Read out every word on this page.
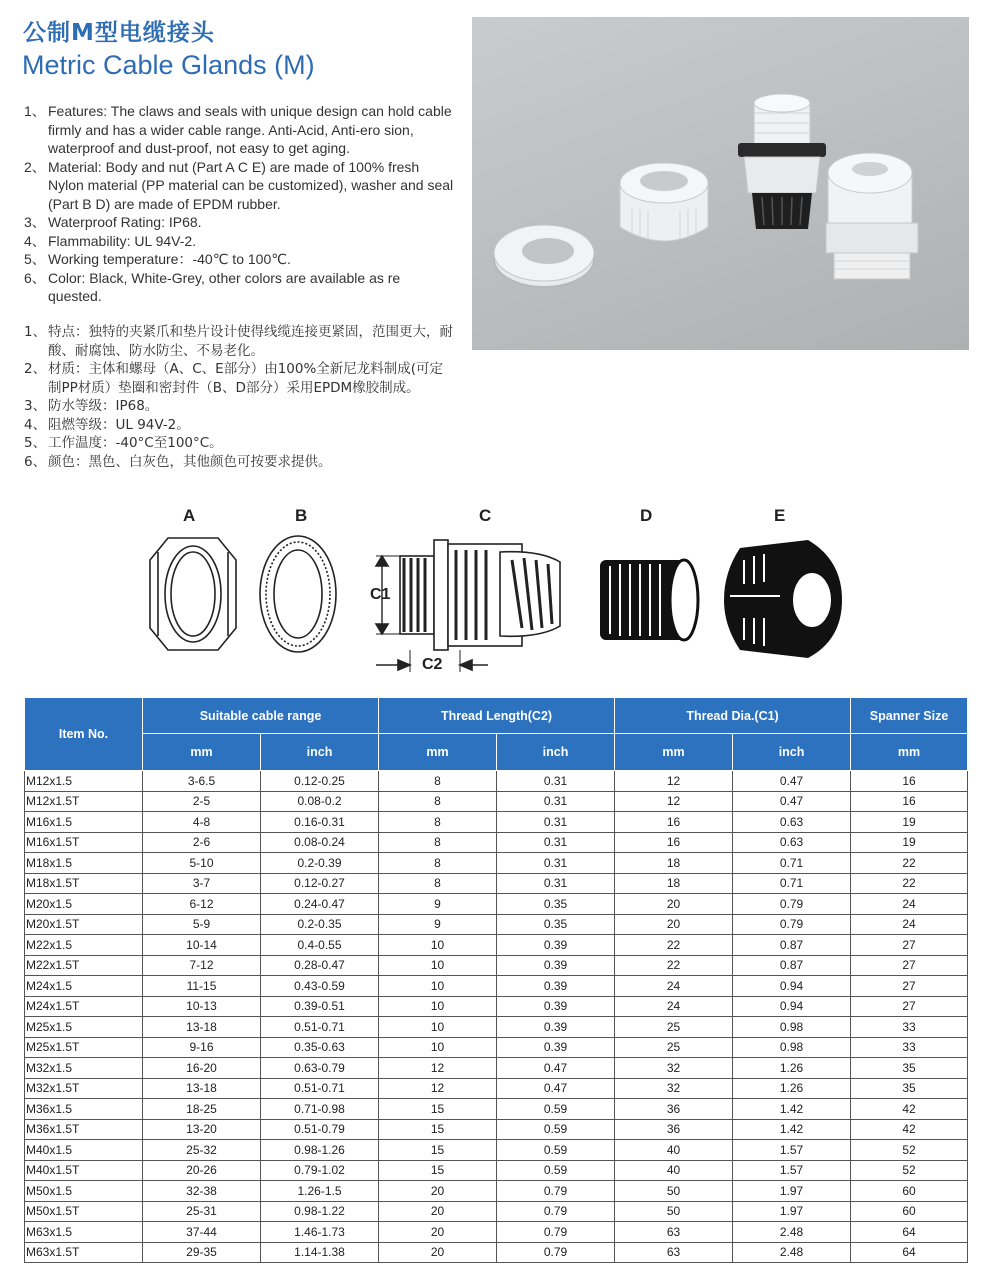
公制M型电缆接头
Metric Cable Glands (M)
1、 Features: The claws and seals with unique design can hold cable firmly and has a wider cable range. Anti-Acid, Anti-ero sion, waterproof and dust-proof, not easy to get aging.
2、 Material: Body and nut (Part A C E) are made of 100% fresh Nylon material (PP material can be customized), washer and seal (Part B D) are made of EPDM rubber.
3、 Waterproof Rating: IP68.
4、 Flammability: UL 94V-2.
5、 Working temperature：-40℃ to 100℃.
6、 Color: Black, White-Grey, other colors are available as re quested.
1、 特点：独特的夹紧爪和垫片设计使得线缆连接更紧固，范围更大，耐酸、耐腐蚀、防水防尘、不易老化。
2、 材质：主体和螺母（A、C、E部分）由100%全新尼龙料制成(可定制PP材质）垫圈和密封件（B、D部分）采用EPDM橡胶制成。
3、 防水等级：IP68。
4、 阻燃等级：UL 94V-2。
5、 工作温度：-40°C至100°C。
6、 颜色：黑色、白灰色，其他颜色可按要求提供。
A	B	C	D	E
C1
C2
Item No.	Suitable cable range		Thread Length(C2)		Thread Dia.(C1)		Spanner Size
	mm	inch	mm	inch	mm	inch	mm
M12x1.5	3-6.5	0.12-0.25	8	0.31	12	0.47	16
M12x1.5T	2-5	0.08-0.2	8	0.31	12	0.47	16
M16x1.5	4-8	0.16-0.31	8	0.31	16	0.63	19
M16x1.5T	2-6	0.08-0.24	8	0.31	16	0.63	19
M18x1.5	5-10	0.2-0.39	8	0.31	18	0.71	22
M18x1.5T	3-7	0.12-0.27	8	0.31	18	0.71	22
M20x1.5	6-12	0.24-0.47	9	0.35	20	0.79	24
M20x1.5T	5-9	0.2-0.35	9	0.35	20	0.79	24
M22x1.5	10-14	0.4-0.55	10	0.39	22	0.87	27
M22x1.5T	7-12	0.28-0.47	10	0.39	22	0.87	27
M24x1.5	11-15	0.43-0.59	10	0.39	24	0.94	27
M24x1.5T	10-13	0.39-0.51	10	0.39	24	0.94	27
M25x1.5	13-18	0.51-0.71	10	0.39	25	0.98	33
M25x1.5T	9-16	0.35-0.63	10	0.39	25	0.98	33
M32x1.5	16-20	0.63-0.79	12	0.47	32	1.26	35
M32x1.5T	13-18	0.51-0.71	12	0.47	32	1.26	35
M36x1.5	18-25	0.71-0.98	15	0.59	36	1.42	42
M36x1.5T	13-20	0.51-0.79	15	0.59	36	1.42	42
M40x1.5	25-32	0.98-1.26	15	0.59	40	1.57	52
M40x1.5T	20-26	0.79-1.02	15	0.59	40	1.57	52
M50x1.5	32-38	1.26-1.5	20	0.79	50	1.97	60
M50x1.5T	25-31	0.98-1.22	20	0.79	50	1.97	60
M63x1.5	37-44	1.46-1.73	20	0.79	63	2.48	64
M63x1.5T	29-35	1.14-1.38	20	0.79	63	2.48	64
